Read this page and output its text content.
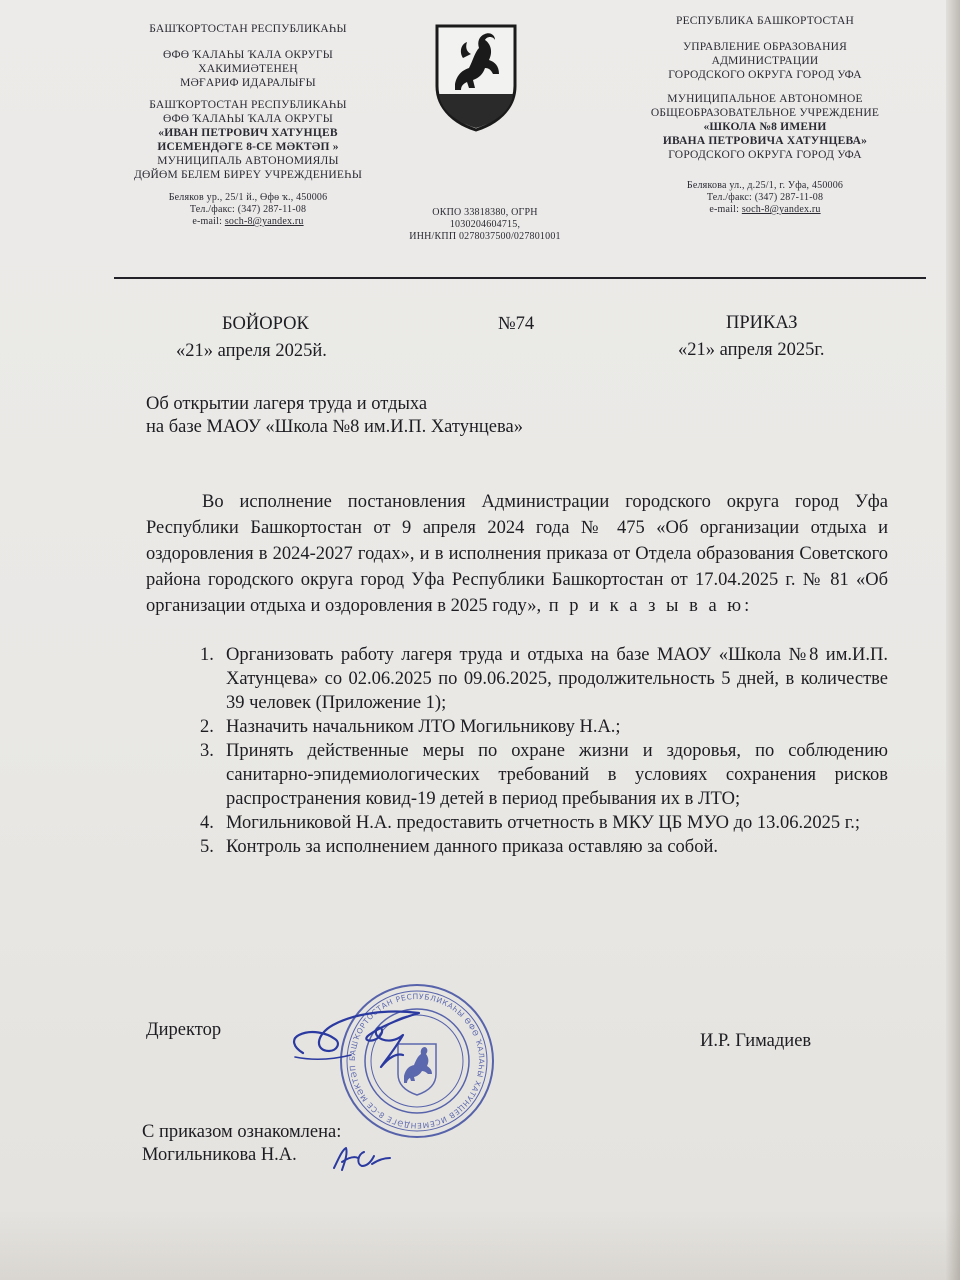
БАШҠОРТОСТАН РЕСПУБЛИКАҺЫ
ӨФӨ ҠАЛАҺЫ ҠАЛА ОКРУГЫ
ХАКИМИӘТЕНЕҢ
МӘҒАРИФ ИДАРАЛЫҒЫ
БАШҠОРТОСТАН РЕСПУБЛИКАҺЫ
ӨФӨ ҠАЛАҺЫ ҠАЛА ОКРУГЫ
«ИВАН ПЕТРОВИЧ ХАТУНЦЕВ
ИСЕМЕНДӘГЕ 8-СЕ МӘКТӘП »
МУНИЦИПАЛЬ АВТОНОМИЯЛЫ
ДӨЙӨМ БЕЛЕМ БИРЕҮ УЧРЕЖДЕНИЕҺЫ
Беляков ур., 25/1 й., Өфө ҡ., 450006
Тел./факс: (347) 287-11-08
e-mail: soch-8@yandex.ru
РЕСПУБЛИКА БАШКОРТОСТАН
УПРАВЛЕНИЕ ОБРАЗОВАНИЯ
АДМИНИСТРАЦИИ
ГОРОДСКОГО ОКРУГА ГОРОД УФА
МУНИЦИПАЛЬНОЕ АВТОНОМНОЕ
ОБЩЕОБРАЗОВАТЕЛЬНОЕ УЧРЕЖДЕНИЕ
«ШКОЛА №8 ИМЕНИ
ИВАНА ПЕТРОВИЧА ХАТУНЦЕВА»
ГОРОДСКОГО ОКРУГА ГОРОД УФА
Белякова ул., д.25/1, г. Уфа, 450006
Тел./факс: (347) 287-11-08
e-mail: soch-8@yandex.ru
ОКПО 33818380, ОГРН
1030204604715,
ИНН/КПП 0278037500/027801001
БОЙОРОК
«21» апреля 2025й.
№74	ПРИКАЗ
«21» апреля 2025г.
Об открытии лагеря труда и отдыха
на базе МАОУ «Школа №8 им.И.П. Хатунцева»

Во исполнение постановления Администрации городского округа город Уфа Республики Башкортостан от 9 апреля 2024 года № 475 «Об организации отдыха и оздоровления в 2024-2027 годах», и в исполнения приказа от Отдела образования Советского района городского округа город Уфа Республики Башкортостан от 17.04.2025 г. № 81 «Об организации отдыха и оздоровления в 2025 году», п р и к а з ы в а ю:

1. Организовать работу лагеря труда и отдыха на базе МАОУ «Школа №8 им.И.П. Хатунцева» со 02.06.2025 по 09.06.2025, продолжительность 5 дней, в количестве 39 человек (Приложение 1);
2. Назначить начальником ЛТО Могильникову Н.А.;
3. Принять действенные меры по охране жизни и здоровья, по соблюдению санитарно-эпидемиологических требований в условиях сохранения рисков распространения ковид-19 детей в период пребывания их в ЛТО;
4. Могильниковой Н.А. предоставить отчетность в МКУ ЦБ МУО до 13.06.2025 г.;
5. Контроль за исполнением данного приказа оставляю за собой.
Директор
И.Р. Гимадиев
БАШҠОРТОСТАН РЕСПУБЛИКАҺЫ ӨФӨ ҠАЛАҺЫ ХАТУНЦЕВ ИСЕМЕНДӘГЕ 8-СЕ МӘКТӘП
С приказом ознакомлена:
Могильникова Н.А.
